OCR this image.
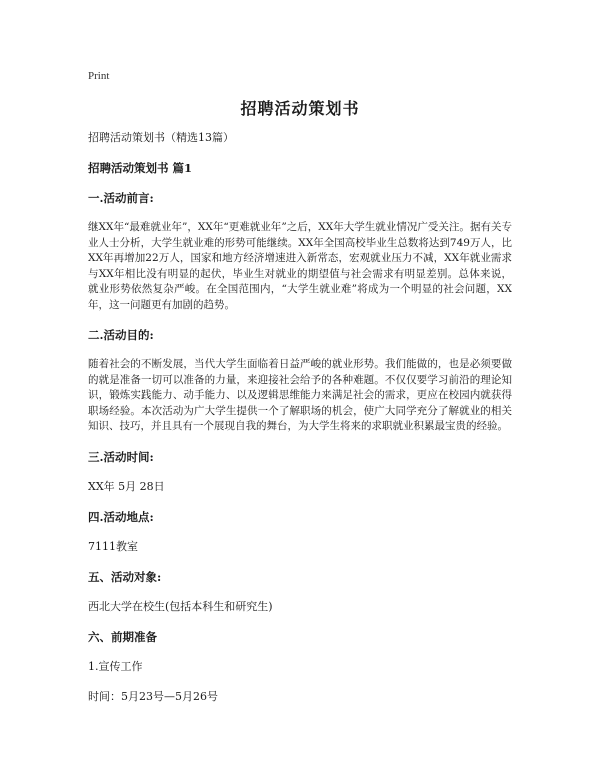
Print
招聘活动策划书

招聘活动策划书（精选13篇）

招聘活动策划书 篇1

一.活动前言:

继XX年“最难就业年”，XX年“更难就业年”之后，XX年大学生就业情况广受关注。据有关专业人士分析，大学生就业难的形势可能继续。XX年全国高校毕业生总数将达到749万人，比XX年再增加22万人，国家和地方经济增速进入新常态，宏观就业压力不减，XX年就业需求与XX年相比没有明显的起伏，毕业生对就业的期望值与社会需求有明显差别。总体来说，就业形势依然复杂严峻。在全国范围内，“大学生就业难”将成为一个明显的社会问题，XX年，这一问题更有加剧的趋势。

二.活动目的:

随着社会的不断发展，当代大学生面临着日益严峻的就业形势。我们能做的，也是必须要做的就是准备一切可以准备的力量，来迎接社会给予的各种难题。不仅仅要学习前沿的理论知识，锻炼实践能力、动手能力、以及逻辑思维能力来满足社会的需求，更应在校园内就获得职场经验。本次活动为广大学生提供一个了解职场的机会，使广大同学充分了解就业的相关知识、技巧，并且具有一个展现自我的舞台，为大学生将来的求职就业积累最宝贵的经验。

三.活动时间:

XX年 5月 28日

四.活动地点:

7111教室

五、活动对象:

西北大学在校生(包括本科生和研究生)

六、前期准备

1.宣传工作

时间：5月23号—5月26号
